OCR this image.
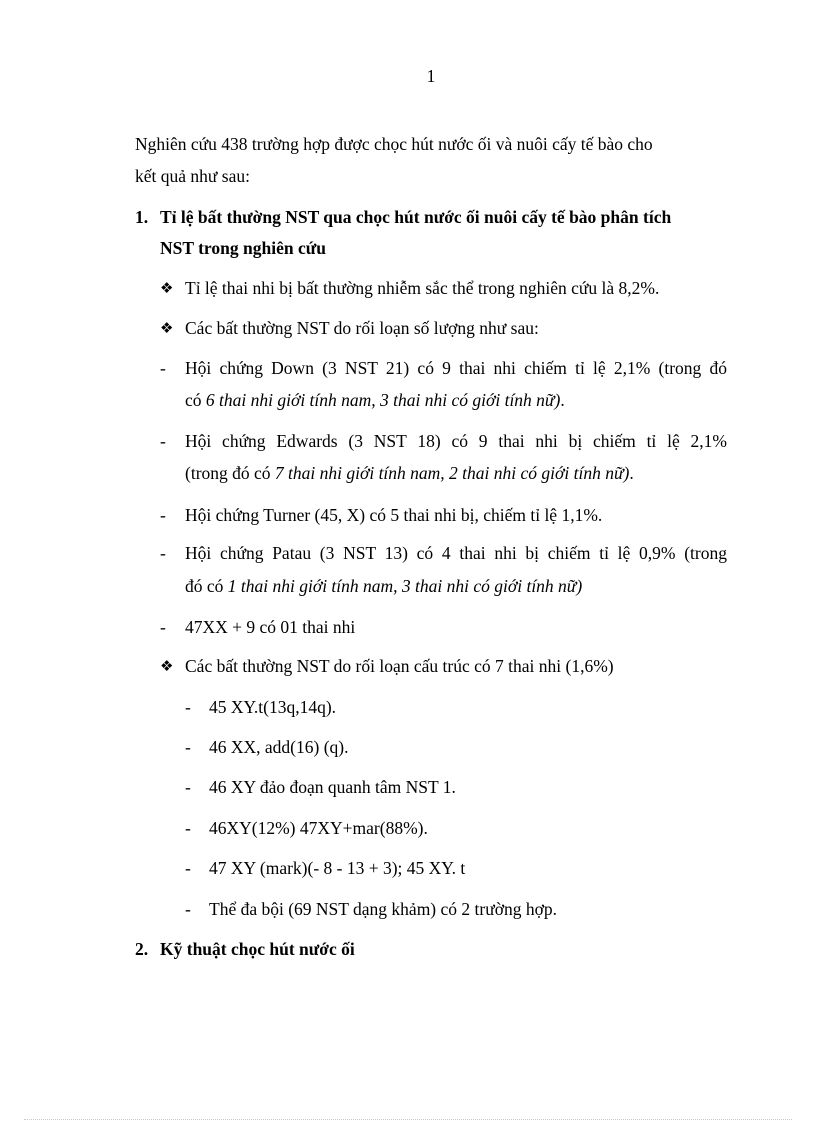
1
Nghiên cứu 438 trường hợp được chọc hút nước ối và nuôi cấy tế bào cho
kết quả như sau:
1. Tỉ lệ bất thường NST qua chọc hút nước ối nuôi cấy tế bào phân tích
NST trong nghiên cứu
❖ Tỉ lệ thai nhi bị bất thường nhiễm sắc thể trong nghiên cứu là 8,2%.
❖ Các bất thường NST do rối loạn số lượng như sau:
- Hội chứng Down (3 NST 21) có 9 thai nhi chiếm tỉ lệ 2,1% (trong đó
có 6 thai nhi giới tính nam, 3 thai nhi có giới tính nữ).
- Hội chứng Edwards (3 NST 18) có 9 thai nhi bị chiếm tỉ lệ 2,1%
(trong đó có 7 thai nhi giới tính nam, 2 thai nhi có giới tính nữ).
- Hội chứng Turner (45, X) có 5 thai nhi bị, chiếm tỉ lệ 1,1%.
- Hội chứng Patau (3 NST 13) có 4 thai nhi bị chiếm tỉ lệ 0,9% (trong
đó có 1 thai nhi giới tính nam, 3 thai nhi có giới tính nữ)
- 47XX + 9 có 01 thai nhi
❖ Các bất thường NST do rối loạn cấu trúc có 7 thai nhi (1,6%)
- 45 XY.t(13q,14q).
- 46 XX, add(16) (q).
- 46 XY đảo đoạn quanh tâm NST 1.
- 46XY(12%) 47XY+mar(88%).
- 47 XY (mark)(- 8 - 13 + 3); 45 XY. t
- Thể đa bội (69 NST dạng khảm) có 2 trường hợp.
2. Kỹ thuật chọc hút nước ối
